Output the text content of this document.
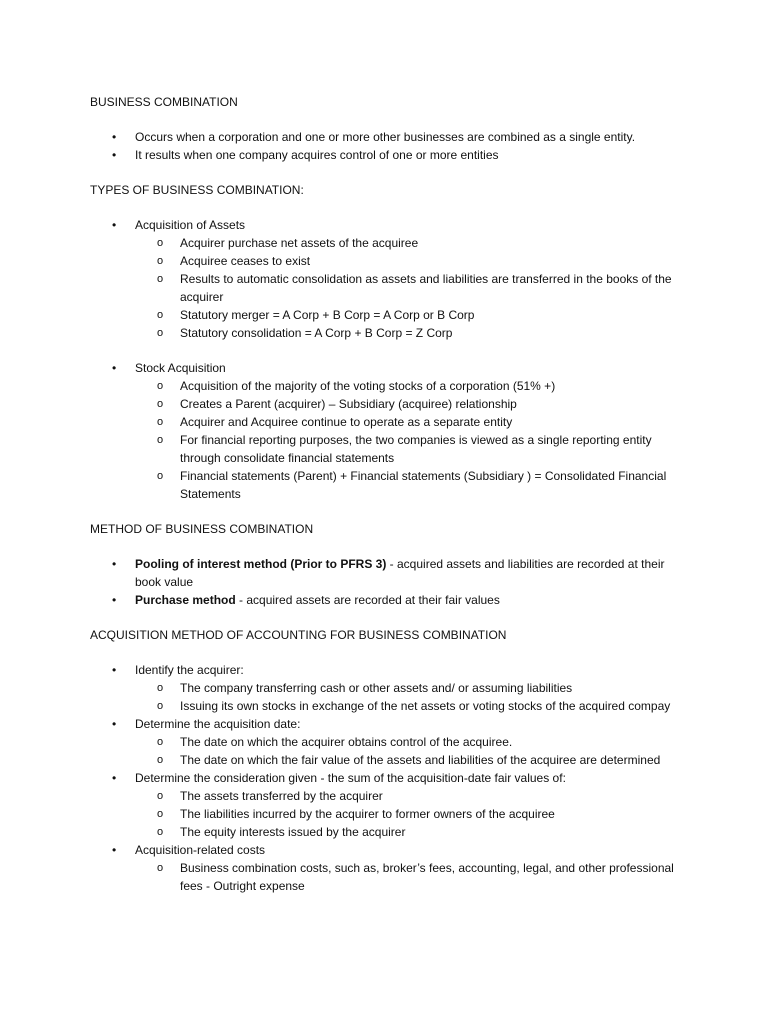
BUSINESS COMBINATION
•	Occurs when a corporation and one or more other businesses are combined as a single entity.
•	It results when one company acquires control of one or more entities
TYPES OF BUSINESS COMBINATION:
•	Acquisition of Assets
o Acquirer purchase net assets of the acquiree
o Acquiree ceases to exist
o Results to automatic consolidation as assets and liabilities are transferred in the books of the acquirer
o Statutory merger = A Corp + B Corp = A Corp or B Corp
o Statutory consolidation = A Corp + B Corp = Z Corp
•	Stock Acquisition
o Acquisition of the majority of the voting stocks of a corporation (51% +)
o Creates a Parent (acquirer) – Subsidiary (acquiree) relationship
o Acquirer and Acquiree continue to operate as a separate entity
o For financial reporting purposes, the two companies is viewed as a single reporting entity through consolidate financial statements
o Financial statements (Parent) + Financial statements (Subsidiary ) = Consolidated Financial Statements
METHOD OF BUSINESS COMBINATION
•	Pooling of interest method (Prior to PFRS 3) - acquired assets and liabilities are recorded at their book value
•	Purchase method - acquired assets are recorded at their fair values
ACQUISITION METHOD OF ACCOUNTING FOR BUSINESS COMBINATION
•	Identify the acquirer:
o The company transferring cash or other assets and/ or assuming liabilities
o Issuing its own stocks in exchange of the net assets or voting stocks of the acquired compay
•	Determine the acquisition date:
o The date on which the acquirer obtains control of the acquiree.
o The date on which the fair value of the assets and liabilities of the acquiree are determined
•	Determine the consideration given - the sum of the acquisition-date fair values of:
o The assets transferred by the acquirer
o The liabilities incurred by the acquirer to former owners of the acquiree
o The equity interests issued by the acquirer
•	Acquisition-related costs
o Business combination costs, such as, broker’s fees, accounting, legal, and other professional fees - Outright expense
